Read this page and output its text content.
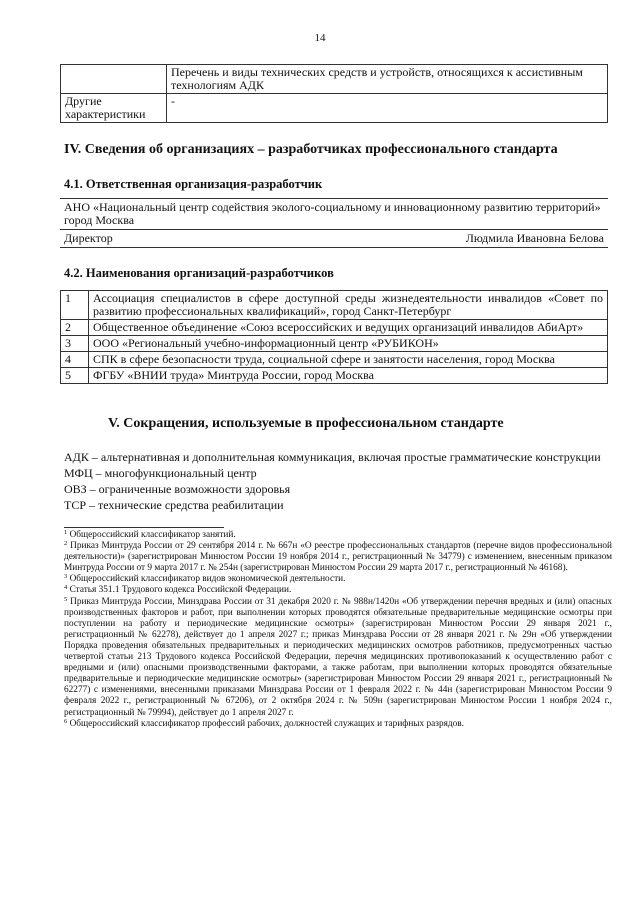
14
	Перечень и виды технических средств и устройств, относящихся к ассистивным технологиям АДК
Другие характеристики	-
IV. Сведения об организациях – разработчиках профессионального стандарта
4.1. Ответственная организация-разработчик
АНО «Национальный центр содействия эколого-социальному и инновационному развитию территорий» город Москва

Директор	Людмила Ивановна Белова
4.2. Наименования организаций-разработчиков
1	Ассоциация специалистов в сфере доступной среды жизнедеятельности инвалидов «Совет по развитию профессиональных квалификаций», город Санкт-Петербург
2	Общественное объединение «Союз всероссийских и ведущих организаций инвалидов АбиАрт»
3	ООО «Региональный учебно-информационный центр «РУБИКОН»
4	СПК в сфере безопасности труда, социальной сфере и занятости населения, город Москва
5	ФГБУ «ВНИИ труда» Минтруда России, город Москва
V. Сокращения, используемые в профессиональном стандарте

АДК – альтернативная и дополнительная коммуникация, включая простые грамматические конструкции

МФЦ – многофункциональный центр

ОВЗ – ограниченные возможности здоровья

ТСР – технические средства реабилитации

$^1$ Общероссийский классификатор занятий.

$^2$ Приказ Минтруда России от 29 сентября 2014 г. № 667н «О реестре профессиональных стандартов (перечне видов профессиональной деятельности)» (зарегистрирован Минюстом России 19 ноября 2014 г., регистрационный № 34779) с изменением, внесенным приказом Минтруда России от 9 марта 2017 г. № 254н (зарегистрирован Минюстом России 29 марта 2017 г., регистрационный № 46168).

$^3$ Общероссийский классификатор видов экономической деятельности.

$^4$ Статья 351.1 Трудового кодекса Российской Федерации.

$^5$ Приказ Минтруда России, Минздрава России от 31 декабря 2020 г. № 988н/1420н «Об утверждении перечня вредных и (или) опасных производственных факторов и работ, при выполнении которых проводятся обязательные предварительные медицинские осмотры при поступлении на работу и периодические медицинские осмотры» (зарегистрирован Минюстом России 29 января 2021 г., регистрационный № 62278), действует до 1 апреля 2027 г.; приказ Минздрава России от 28 января 2021 г. № 29н «Об утверждении Порядка проведения обязательных предварительных и периодических медицинских осмотров работников, предусмотренных частью четвертой статьи 213 Трудового кодекса Российской Федерации, перечня медицинских противопоказаний к осуществлению работ с вредными и (или) опасными производственными факторами, а также работам, при выполнении которых проводятся обязательные предварительные и периодические медицинские осмотры» (зарегистрирован Минюстом России 29 января 2021 г., регистрационный № 62277) с изменениями, внесенными приказами Минздрава России от 1 февраля 2022 г. № 44н (зарегистрирован Минюстом России 9 февраля 2022 г., регистрационный № 67206), от 2 октября 2024 г. № 509н (зарегистрирован Минюстом России 1 ноября 2024 г., регистрационный № 79994), действует до 1 апреля 2027 г.

$^6$ Общероссийский классификатор профессий рабочих, должностей служащих и тарифных разрядов.
